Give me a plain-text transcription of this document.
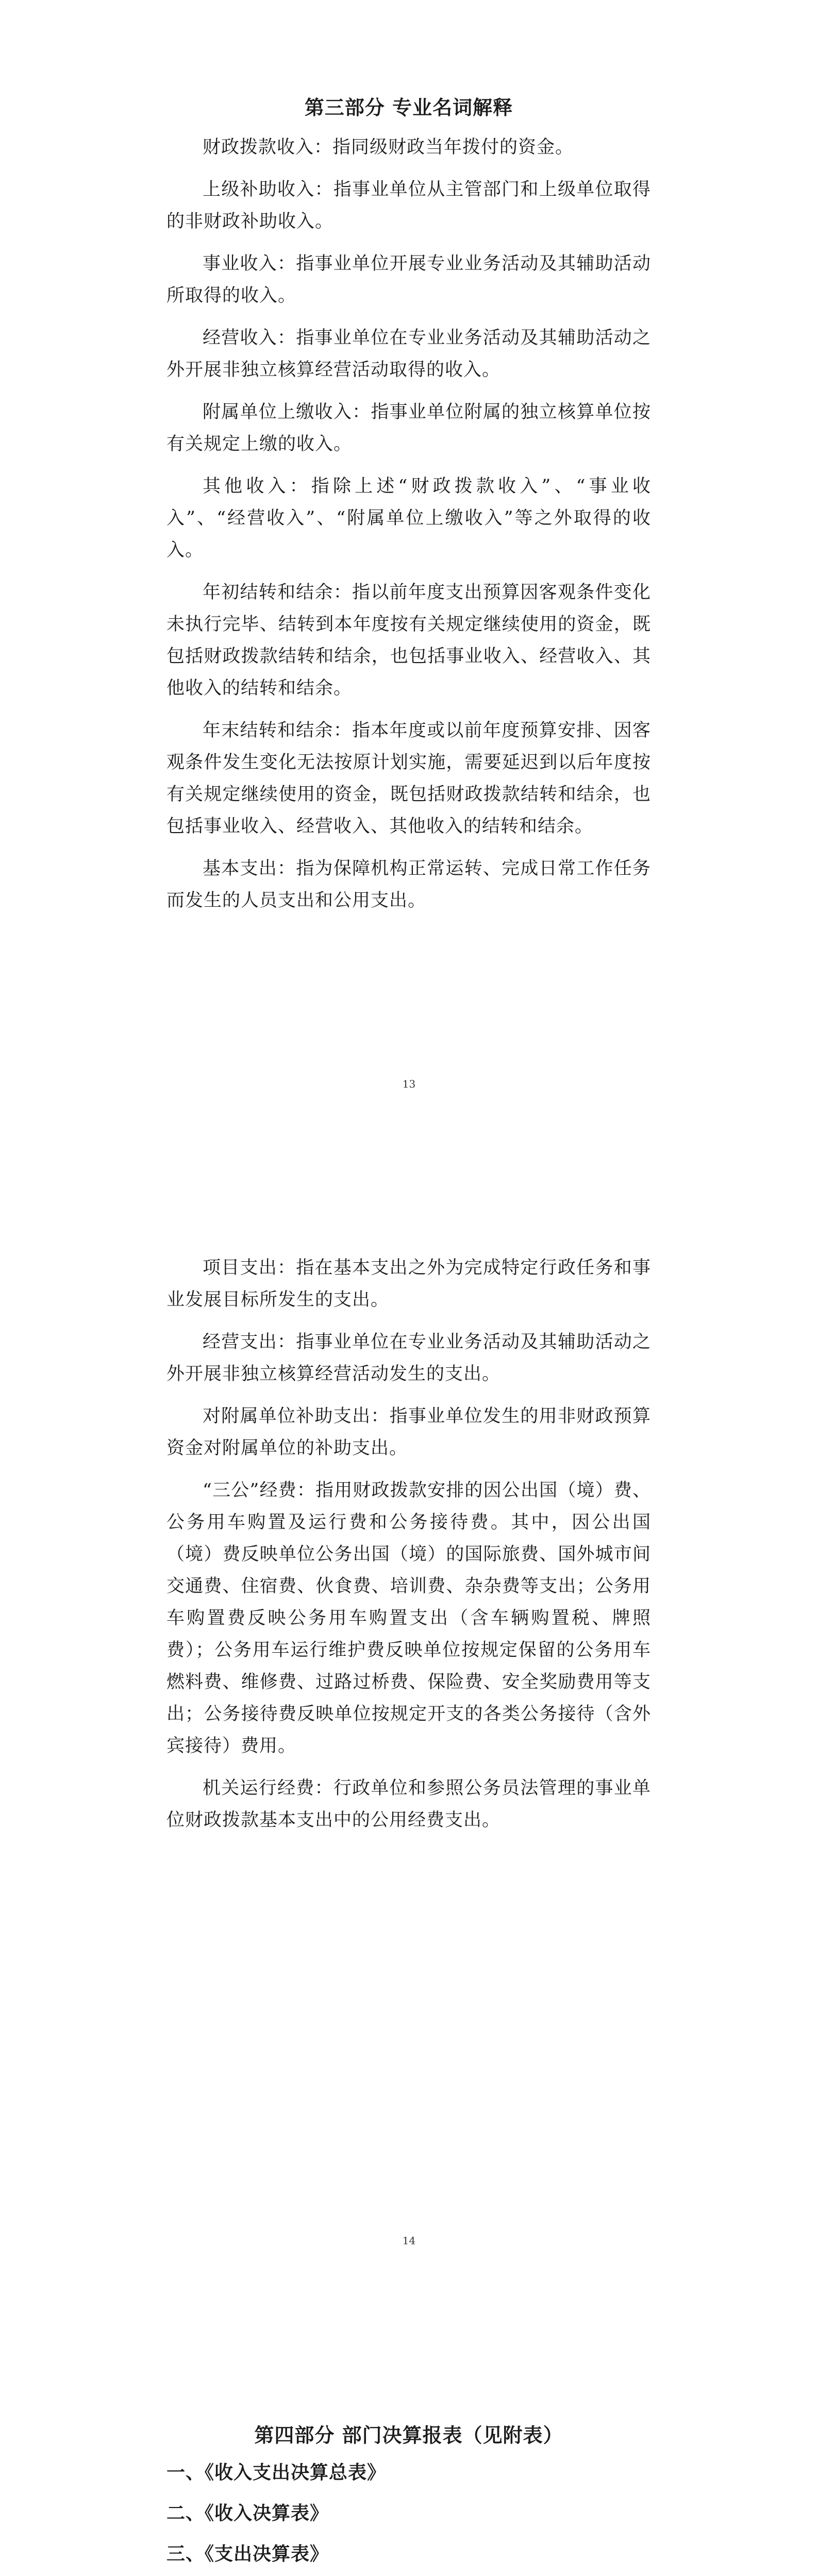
第三部分 专业名词解释

财政拨款收入：指同级财政当年拨付的资金。

上级补助收入：指事业单位从主管部门和上级单位取得的非财政补助收入。

事业收入：指事业单位开展专业业务活动及其辅助活动所取得的收入。

经营收入：指事业单位在专业业务活动及其辅助活动之外开展非独立核算经营活动取得的收入。

附属单位上缴收入：指事业单位附属的独立核算单位按有关规定上缴的收入。

其他收入：指除上述“财政拨款收入”、“事业收入”、“经营收入”、“附属单位上缴收入”等之外取得的收入。

年初结转和结余：指以前年度支出预算因客观条件变化未执行完毕、结转到本年度按有关规定继续使用的资金，既包括财政拨款结转和结余，也包括事业收入、经营收入、其他收入的结转和结余。

年末结转和结余：指本年度或以前年度预算安排、因客观条件发生变化无法按原计划实施，需要延迟到以后年度按有关规定继续使用的资金，既包括财政拨款结转和结余，也包括事业收入、经营收入、其他收入的结转和结余。

基本支出：指为保障机构正常运转、完成日常工作任务而发生的人员支出和公用支出。

13

项目支出：指在基本支出之外为完成特定行政任务和事业发展目标所发生的支出。

经营支出：指事业单位在专业业务活动及其辅助活动之外开展非独立核算经营活动发生的支出。

对附属单位补助支出：指事业单位发生的用非财政预算资金对附属单位的补助支出。

“三公”经费：指用财政拨款安排的因公出国（境）费、公务用车购置及运行费和公务接待费。其中，因公出国（境）费反映单位公务出国（境）的国际旅费、国外城市间交通费、住宿费、伙食费、培训费、杂杂费等支出；公务用车购置费反映公务用车购置支出（含车辆购置税、牌照费）；公务用车运行维护费反映单位按规定保留的公务用车燃料费、维修费、过路过桥费、保险费、安全奖励费用等支出；公务接待费反映单位按规定开支的各类公务接待（含外宾接待）费用。

机关运行经费：行政单位和参照公务员法管理的事业单位财政拨款基本支出中的公用经费支出。

14
第四部分 部门决算报表（见附表）
一、《收入支出决算总表》
二、《收入决算表》
三、《支出决算表》
